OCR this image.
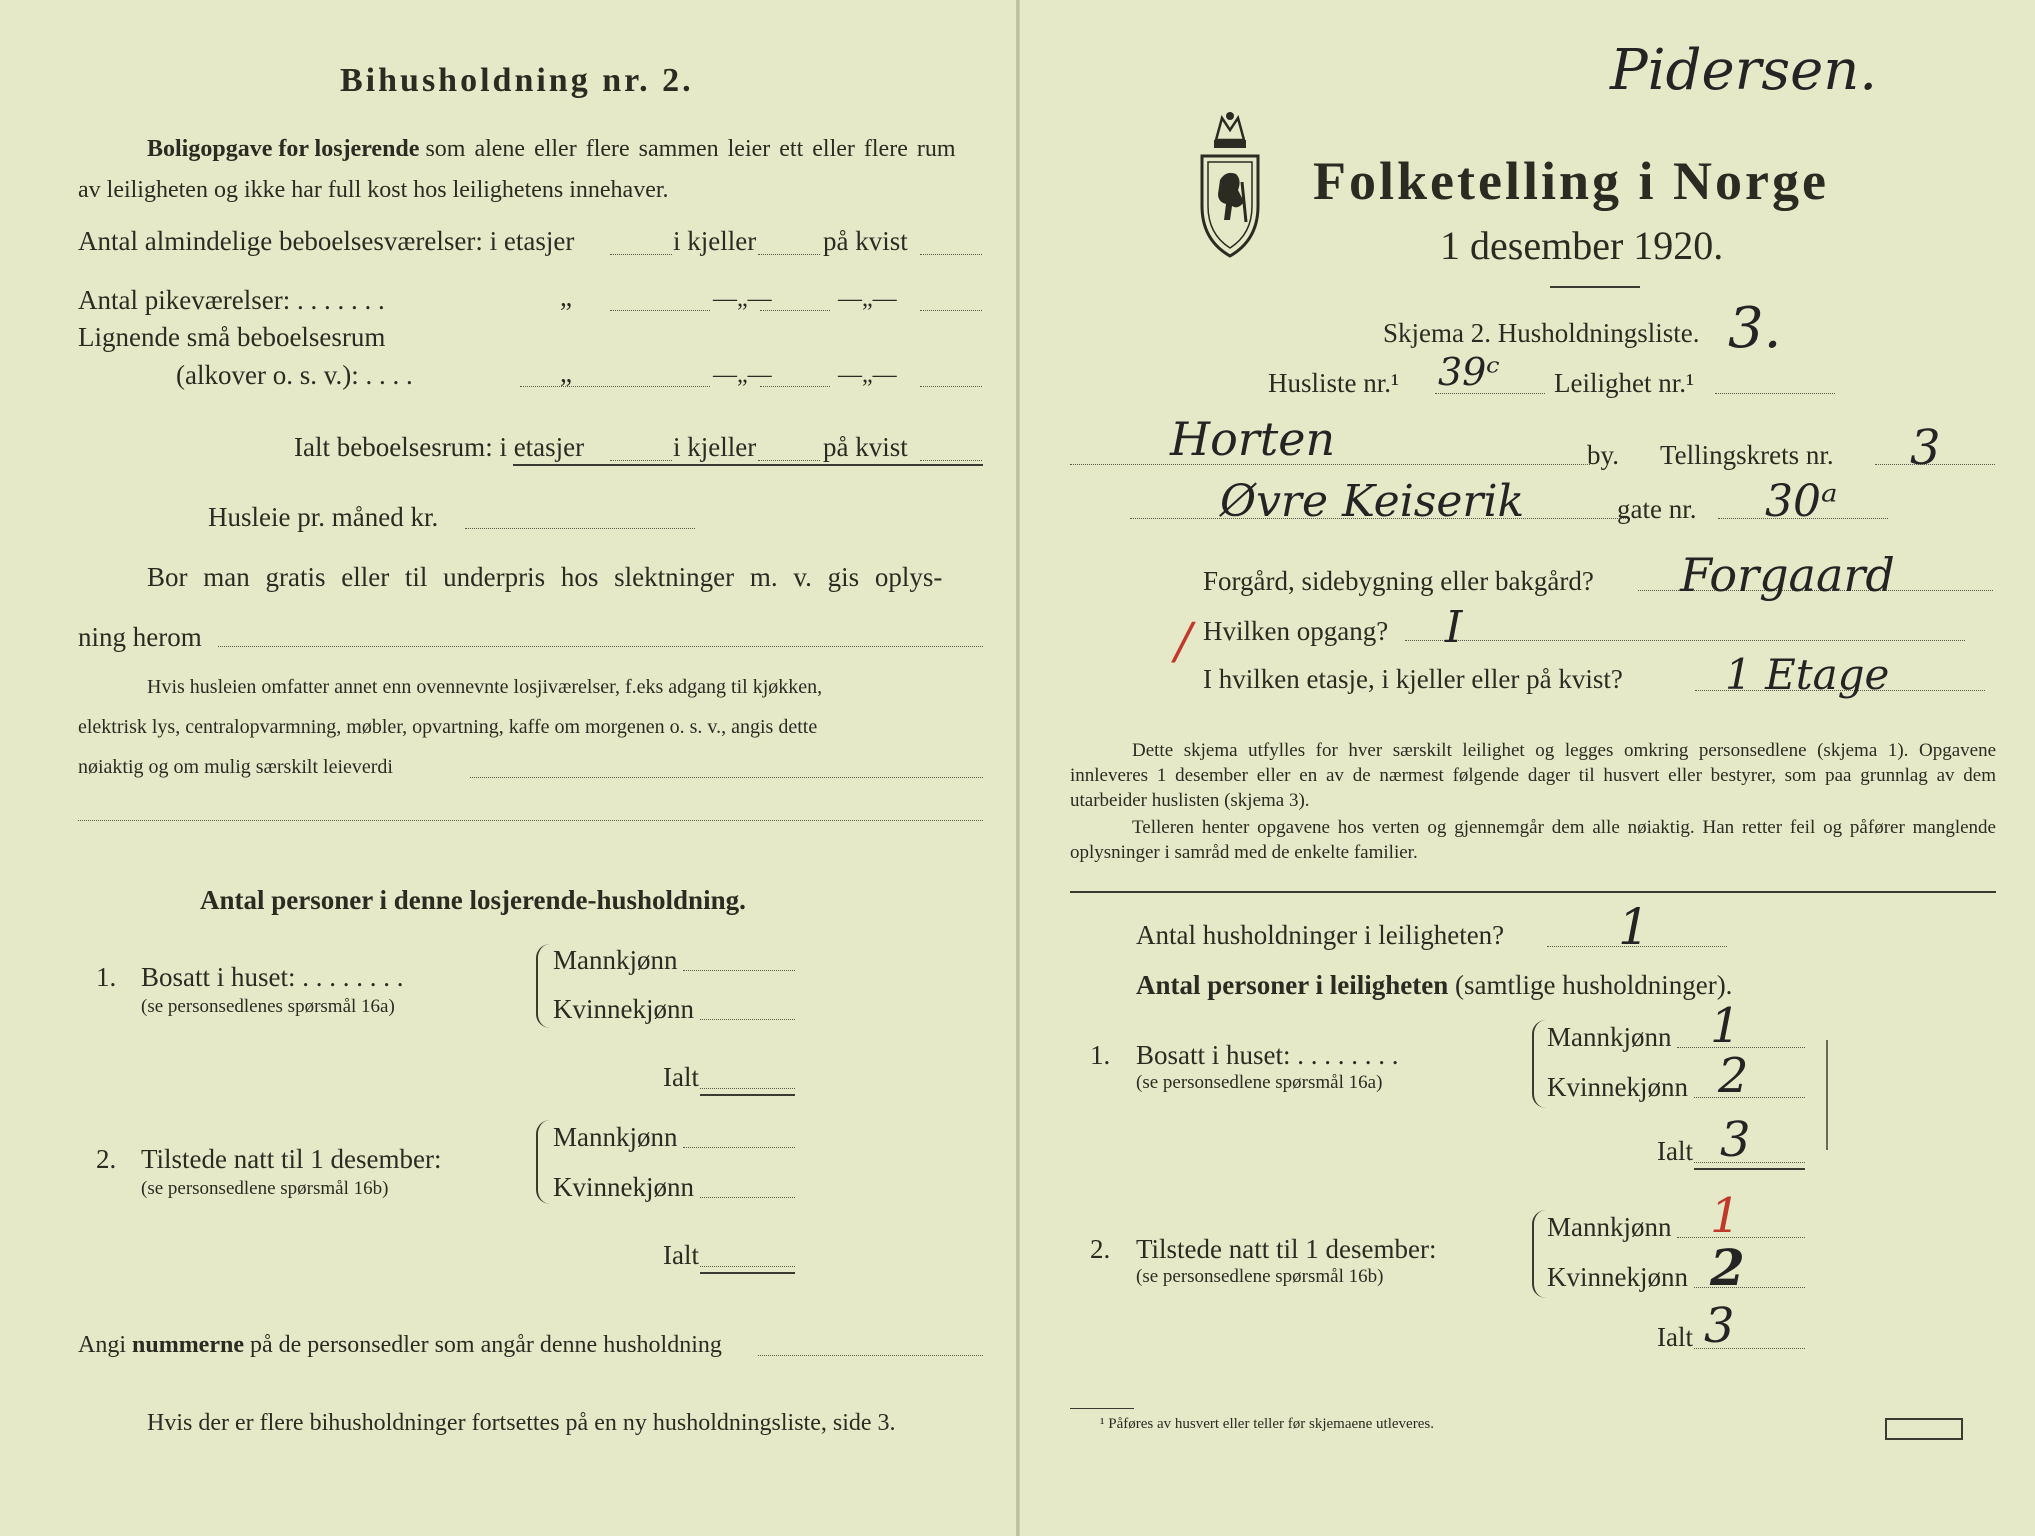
Bihusholdning nr. 2.
Boligopgave for losjerende som alene eller flere sammen leier ett eller flere rum
av leiligheten og ikke har full kost hos leilighetens innehaver.
Antal almindelige beboelsesværelser: i etasjer	i kjeller på kvist
Antal pikeværelser: . . . . . . .	„	—„—	—„—
Lignende små beboelsesrum
(alkover o. s. v.): . . . .	„	—„—	—„—
Ialt beboelsesrum: i etasjer	i kjeller på kvist
Husleie pr. måned kr.
Bor man gratis eller til underpris hos slektninger m. v. gis oplys-
ning herom
Hvis husleien omfatter annet enn ovennevnte losjiværelser, f.eks adgang til kjøkken,
elektrisk lys, centralopvarmning, møbler, opvartning, kaffe om morgenen o. s. v., angis dette
nøiaktig og om mulig særskilt leieverdi
Antal personer i denne losjerende-husholdning.
1. Bosatt i huset: . . . . . . . .
(se personsedlenes spørsmål 16a)
Mannkjønn
Kvinnekjønn
Ialt
2. Tilstede natt til 1 desember:
(se personsedlene spørsmål 16b)
Mannkjønn
Kvinnekjønn
Ialt
Angi nummerne på de personsedler som angår denne husholdning
Hvis der er flere bihusholdninger fortsettes på en ny husholdningsliste, side 3.
Pidersen.
Folketelling i Norge
1 desember 1920.
Skjema 2. Husholdningsliste. 3.
Husliste nr.¹ 39ᶜ Leilighet nr.¹
Horten	by. Tellingskrets nr. 3
Øvre Keiserik	gate nr. 30ᵃ
Forgård, sidebygning eller bakgård? Forgaard
/ Hvilken opgang? I
I hvilken etasje, i kjeller eller på kvist? 1 Etage
Dette skjema utfylles for hver særskilt leilighet og legges omkring personsedlene (skjema 1). Opgavene innleveres 1 desember eller en av de nærmest følgende dager til husvert eller bestyrer, som paa grunnlag av dem utarbeider huslisten (skjema 3).
Telleren henter opgavene hos verten og gjennemgår dem alle nøiaktig. Han retter feil og påfører manglende oplysninger i samråd med de enkelte familier.
Antal husholdninger i leiligheten? 1
Antal personer i leiligheten (samtlige husholdninger).
1. Bosatt i huset: . . . . . . . .
(se personsedlene spørsmål 16a)
Mannkjønn 1
Kvinnekjønn 2
Ialt 3
2. Tilstede natt til 1 desember:
(se personsedlene spørsmål 16b)
Mannkjønn 1
Kvinnekjønn 2
Ialt 3
¹ Påføres av husvert eller teller før skjemaene utleveres.
